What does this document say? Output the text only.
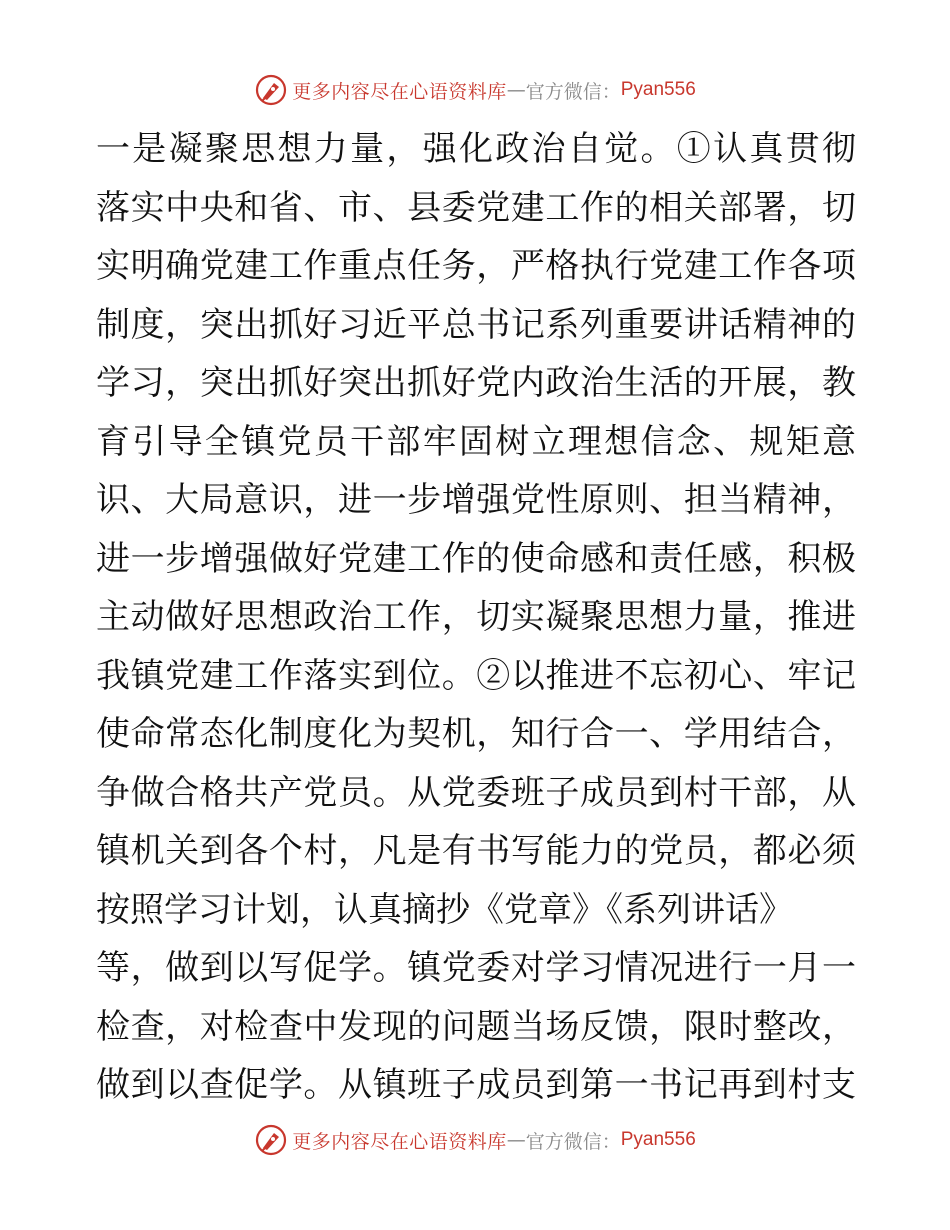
更多内容尽在心语资料库 — 官方微信： Pyan556
一是凝聚思想力量，强化政治自觉。①认真贯彻
落实中央和省、市、县委党建工作的相关部署，切
实明确党建工作重点任务，严格执行党建工作各项
制度，突出抓好习近平总书记系列重要讲话精神的
学习，突出抓好突出抓好党内政治生活的开展，教
育引导全镇党员干部牢固树立理想信念、规矩意
识、大局意识，进一步增强党性原则、担当精神，
进一步增强做好党建工作的使命感和责任感，积极
主动做好思想政治工作，切实凝聚思想力量，推进
我镇党建工作落实到位。②以推进不忘初心、牢记
使命常态化制度化为契机，知行合一、学用结合，
争做合格共产党员。从党委班子成员到村干部，从
镇机关到各个村，凡是有书写能力的党员，都必须
按照学习计划，认真摘抄《党章》《系列讲话》
等，做到以写促学。镇党委对学习情况进行一月一
检查，对检查中发现的问题当场反馈，限时整改，
做到以查促学。从镇班子成员到第一书记再到村支
更多内容尽在心语资料库 — 官方微信： Pyan556
